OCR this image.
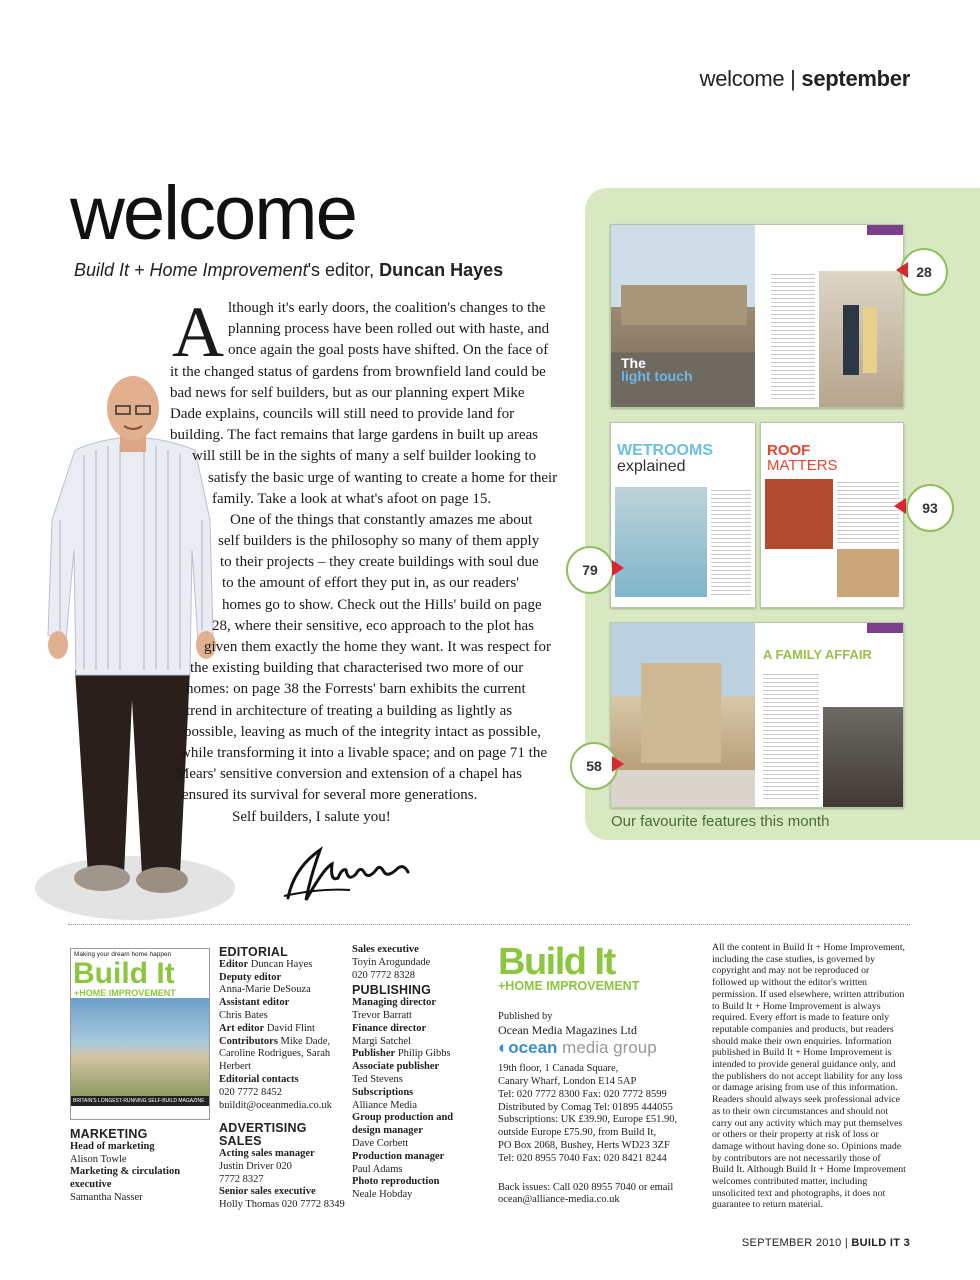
welcome | september
welcome
Build It + Home Improvement's editor, Duncan Hayes
A lthough it's early doors, the coalition's changes to the
planning process have been rolled out with haste, and
once again the goal posts have shifted. On the face of
it the changed status of gardens from brownfield land could be
bad news for self builders, but as our planning expert Mike
Dade explains, councils will still need to provide land for
building. The fact remains that large gardens in built up areas
will still be in the sights of many a self builder looking to
satisfy the basic urge of wanting to create a home for their
family. Take a look at what's afoot on page 15.
One of the things that constantly amazes me about
self builders is the philosophy so many of them apply
to their projects – they create buildings with soul due
to the amount of effort they put in, as our readers'
homes go to show. Check out the Hills' build on page
28, where their sensitive, eco approach to the plot has
given them exactly the home they want. It was respect for
the existing building that characterised two more of our
homes: on page 38 the Forrests' barn exhibits the current
trend in architecture of treating a building as lightly as
possible, leaving as much of the integrity intact as possible,
while transforming it into a livable space; and on page 71 the
Mears' sensitive conversion and extension of a chapel has
ensured its survival for several more generations.
Self builders, I salute you!
The
light touch
28
WETROOMS
explained
ROOF
MATTERS
79
93
A FAMILY AFFAIR
58
Our favourite features this month
Making your dream home happen
Build It
+HOME IMPROVEMENT
BRITAIN'S LONGEST-RUNNING SELF-BUILD MAGAZINE
MARKETING
Head of marketing
Alison Towle
Marketing & circulation executive
Samantha Nasser
EDITORIAL
Editor Duncan Hayes
Deputy editor
Anna-Marie DeSouza
Assistant editor
Chris Bates
Art editor David Flint
Contributors Mike Dade, Caroline Rodrigues, Sarah Herbert
Editorial contacts
020 7772 8452 buildit@oceanmedia.co.uk
ADVERTISING SALES
Acting sales manager
Justin Driver 020 7772 8327
Senior sales executive
Holly Thomas 020 7772 8349
Sales executive
Toyin Arogundade
020 7772 8328
PUBLISHING
Managing director
Trevor Barratt
Finance director
Margi Satchel
Publisher Philip Gibbs
Associate publisher
Ted Stevens
Subscriptions
Alliance Media
Group production and design manager
Dave Corbett
Production manager
Paul Adams
Photo reproduction
Neale Hobday
Build It
+HOME IMPROVEMENT
Published by
Ocean Media Magazines Ltd
◐ocean media group
19th floor, 1 Canada Square,
Canary Wharf, London E14 5AP
Tel: 020 7772 8300 Fax: 020 7772 8599
Distributed by Comag Tel: 01895 444055
Subscriptions: UK £39.90, Europe £51.90,
outside Europe £75.90, from Build It,
PO Box 2068, Bushey, Herts WD23 3ZF
Tel: 020 8955 7040 Fax: 020 8421 8244
Back issues: Call 020 8955 7040 or email ocean@alliance-media.co.uk
All the content in Build It + Home Improvement,
including the case studies, is governed by
copyright and may not be reproduced or
followed up without the editor's written
permission. If used elsewhere, written attribution
to Build It + Home Improvement is always
required. Every effort is made to feature only
reputable companies and products, but readers
should make their own enquiries. Information
published in Build It + Home Improvement is
intended to provide general guidance only, and
the publishers do not accept liability for any loss
or damage arising from use of this information.
Readers should always seek professional advice
as to their own circumstances and should not
carry out any activity which may put themselves
or others or their property at risk of loss or
damage without having done so. Opinions made
by contributors are not necessarily those of
Build It. Although Build It + Home Improvement
welcomes contributed matter, including
unsolicited text and photographs, it does not
guarantee to return material.
SEPTEMBER 2010 | BUILD IT 3
